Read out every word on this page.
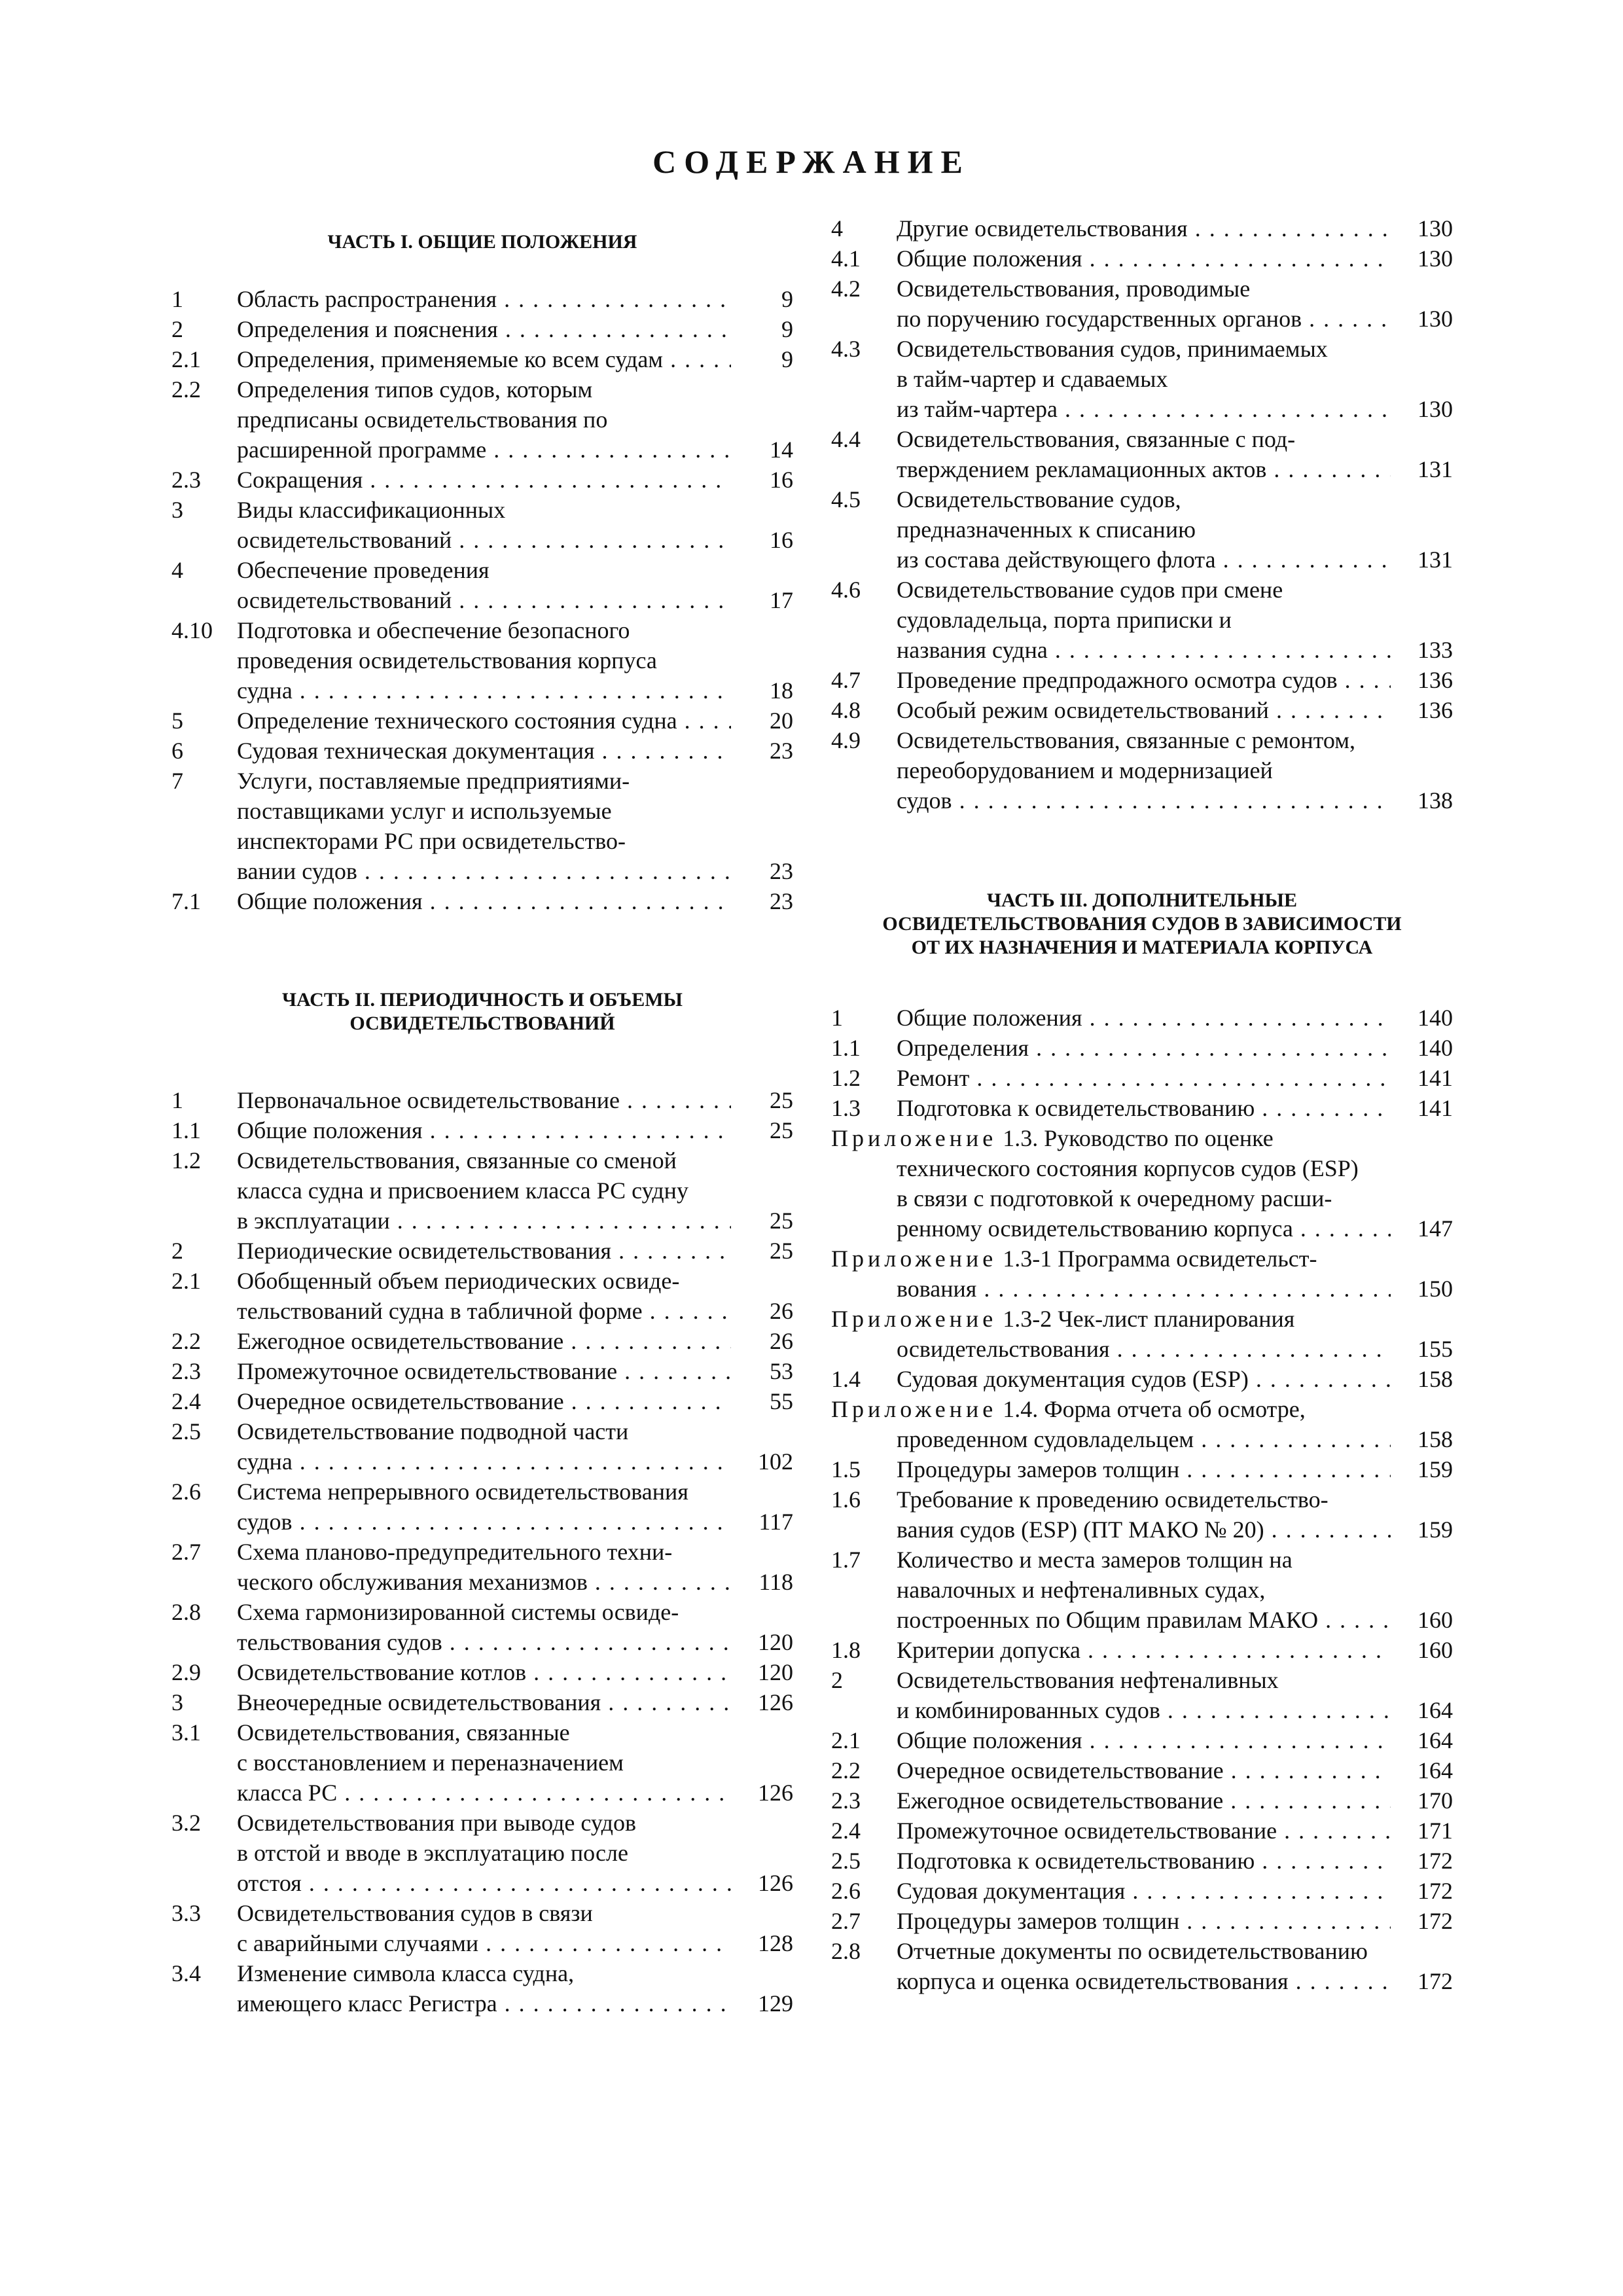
СОДЕРЖАНИЕ
ЧАСТЬ I. ОБЩИЕ ПОЛОЖЕНИЯ
1 Область распространения . . .	9
2 Определения и пояснения . . .	9
2.1 Определения, применяемые ко всем судам . . .	9
2.2 Определения типов судов, которым
предписаны освидетельствования по
расширенной программе . . .	14
2.3 Сокращения . . .	16
3 Виды классификационных
освидетельствований . . .	16
4 Обеспечение проведения
освидетельствований . . .	17
4.10 Подготовка и обеспечение безопасного
проведения освидетельствования корпуса
судна . . .	18
5 Определение технического состояния судна . . .	20
6 Судовая техническая документация . . .	23
7 Услуги, поставляемые предприятиями-
поставщиками услуг и используемые
инспекторами РС при освидетельство-
вании судов . . .	23
7.1 Общие положения . . .	23
ЧАСТЬ II. ПЕРИОДИЧНОСТЬ И ОБЪЕМЫ
ОСВИДЕТЕЛЬСТВОВАНИЙ
1 Первоначальное освидетельствование . . .	25
1.1 Общие положения . . .	25
1.2 Освидетельствования, связанные со сменой
класса судна и присвоением класса РС судну
в эксплуатации . . .	25
2 Периодические освидетельствования . . .	25
2.1 Обобщенный объем периодических освиде-
тельствований судна в табличной форме . . .	26
2.2 Ежегодное освидетельствование . . .	26
2.3 Промежуточное освидетельствование . . .	53
2.4 Очередное освидетельствование . . .	55
2.5 Освидетельствование подводной части
судна . . .	102
2.6 Система непрерывного освидетельствования
судов . . .	117
2.7 Схема планово-предупредительного техни-
ческого обслуживания механизмов . . .	118
2.8 Схема гармонизированной системы освиде-
тельствования судов . . .	120
2.9 Освидетельствование котлов . . .	120
3 Внеочередные освидетельствования . . .	126
3.1 Освидетельствования, связанные
с восстановлением и переназначением
класса РС . . .	126
3.2 Освидетельствования при выводе судов
в отстой и вводе в эксплуатацию после
отстоя . . .	126
3.3 Освидетельствования судов в связи
с аварийными случаями . . .	128
3.4 Изменение символа класса судна,
имеющего класс Регистра . . .	129
4 Другие освидетельствования . . .	130
4.1 Общие положения . . .	130
4.2 Освидетельствования, проводимые
по поручению государственных органов . . .	130
4.3 Освидетельствования судов, принимаемых
в тайм-чартер и сдаваемых
из тайм-чартера . . .	130
4.4 Освидетельствования, связанные с под-
тверждением рекламационных актов . . .	131
4.5 Освидетельствование судов,
предназначенных к списанию
из состава действующего флота . . .	131
4.6 Освидетельствование судов при смене
судовладельца, порта приписки и
названия судна . . .	133
4.7 Проведение предпродажного осмотра судов . . .	136
4.8 Особый режим освидетельствований . . .	136
4.9 Освидетельствования, связанные с ремонтом,
переоборудованием и модернизацией
судов . . .	138
ЧАСТЬ III. ДОПОЛНИТЕЛЬНЫЕ
ОСВИДЕТЕЛЬСТВОВАНИЯ СУДОВ В ЗАВИСИМОСТИ
ОТ ИХ НАЗНАЧЕНИЯ И МАТЕРИАЛА КОРПУСА
1 Общие положения . . .	140
1.1 Определения . . .	140
1.2 Ремонт . . .	141
1.3 Подготовка к освидетельствованию . . .	141
Приложение 1.3. Руководство по оценке
технического состояния корпусов судов (ESP)
в связи с подготовкой к очередному расши-
ренному освидетельствованию корпуса . . .	147
Приложение 1.3-1 Программа освидетельст-
вования . . .	150
Приложение 1.3-2 Чек-лист планирования
освидетельствования . . .	155
1.4 Судовая документация судов (ESP) . . .	158
Приложение 1.4. Форма отчета об осмотре,
проведенном судовладельцем . . .	158
1.5 Процедуры замеров толщин . . .	159
1.6 Требование к проведению освидетельство-
вания судов (ESP) (ПТ МАКО № 20) . . .	159
1.7 Количество и места замеров толщин на
навалочных и нефтеналивных судах,
построенных по Общим правилам МАКО . . .	160
1.8 Критерии допуска . . .	160
2 Освидетельствования нефтеналивных
и комбинированных судов . . .	164
2.1 Общие положения . . .	164
2.2 Очередное освидетельствование . . .	164
2.3 Ежегодное освидетельствование . . .	170
2.4 Промежуточное освидетельствование . . .	171
2.5 Подготовка к освидетельствованию . . .	172
2.6 Судовая документация . . .	172
2.7 Процедуры замеров толщин . . .	172
2.8 Отчетные документы по освидетельствованию
корпуса и оценка освидетельствования . . .	172
